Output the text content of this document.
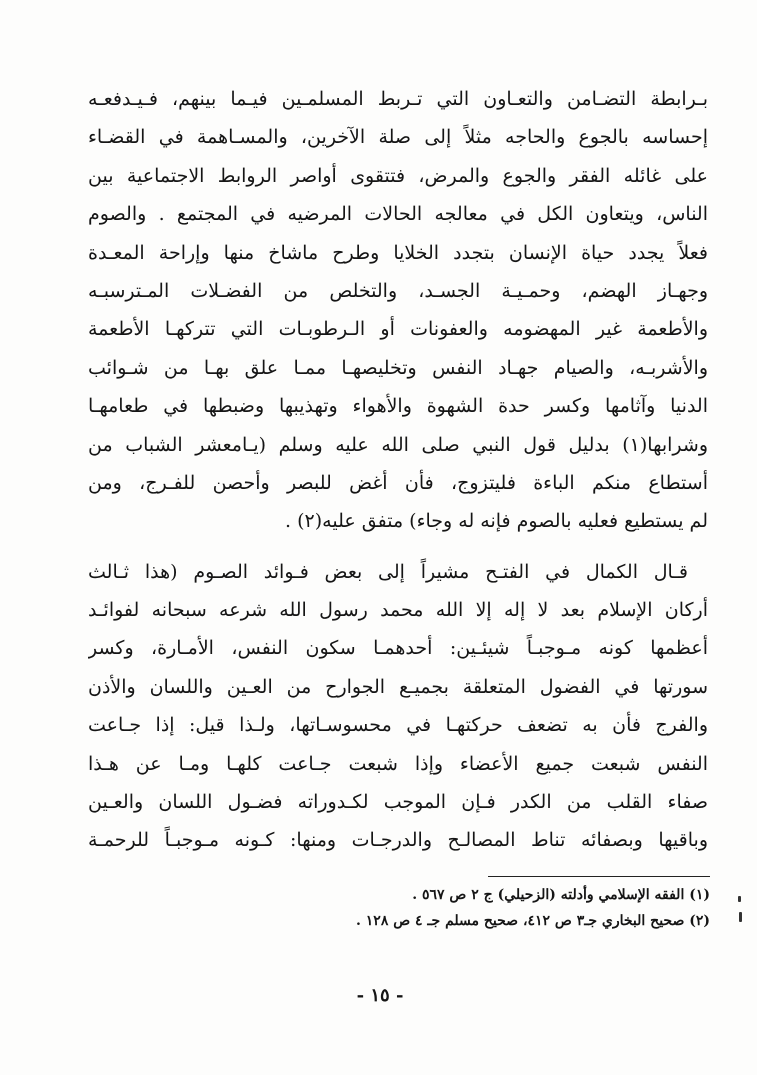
بـرابطة التضـامن والتعـاون التي تـربط المسلمـين فيـما بينهم، فـيـدفعـه
إحساسه بالجوع والحاجه مثلاً إلى صلة الآخرين، والمسـاهمة في القضـاء
على غائله الفقر والجوع والمرض، فتتقوى أواصر الروابط الاجتماعية بين
الناس، ويتعاون الكل في معالجه الحالات المرضيه في المجتمع . والصوم
فعلاً يجدد حياة الإنسان بتجدد الخلايا وطرح ماشاخ منها وإراحة المعـدة
وجهـاز الهضم، وحمـيـة الجسـد، والتخلص من الفضـلات المـترسبـه
والأطعمة غير المهضومه والعفونات أو الـرطوبـات التي تتركهـا الأطعمة
والأشربـه، والصيام جهـاد النفس وتخليصهـا ممـا علق بهـا من شـوائب
الدنيا وآثامها وكسر حدة الشهوة والأهواء وتهذيبها وضبطها في طعامهـا
وشرابها(١) بدليل قول النبي صلى الله عليه وسلم (يـامعشر الشباب من
أستطاع منكم الباءة فليتزوج، فأن أغض للبصر وأحصن للفـرج، ومن
لم يستطيع فعليه بالصوم فإنه له وجاء) متفق عليه(٢) .
قـال الكمال في الفتـح مشيراً إلى بعض فـوائد الصـوم (هذا ثـالث
أركان الإسلام بعد لا إله إلا الله محمد رسول الله شرعه سبحانه لفوائـد
أعظمها كونه مـوجبـاً شيئـين: أحدهمـا سكون النفس، الأمـارة، وكسر
سورتها في الفضول المتعلقة بجميـع الجوارح من العـين واللسان والأذن
والفرج فأن به تضعف حركتهـا في محسوسـاتها، ولـذا قيل: إذا جـاعت
النفس شبعت جميع الأعضاء وإذا شبعت جـاعت كلهـا ومـا عن هـذا
صفاء القلب من الكدر فـإن الموجب لكـدوراته فضـول اللسان والعـين
وباقيها وبصفائه تناط المصالـح والدرجـات ومنها: كـونه مـوجبـاً للرحمـة
(١) الفقه الإسلامي وأدلته (الزحيلي) ج ٢ ص ٥٦٧ .
(٢) صحيح البخاري جـ٣ ص ٤١٢، صحيح مسلم جـ ٤ ص ١٢٨ .
- ١٥ -
